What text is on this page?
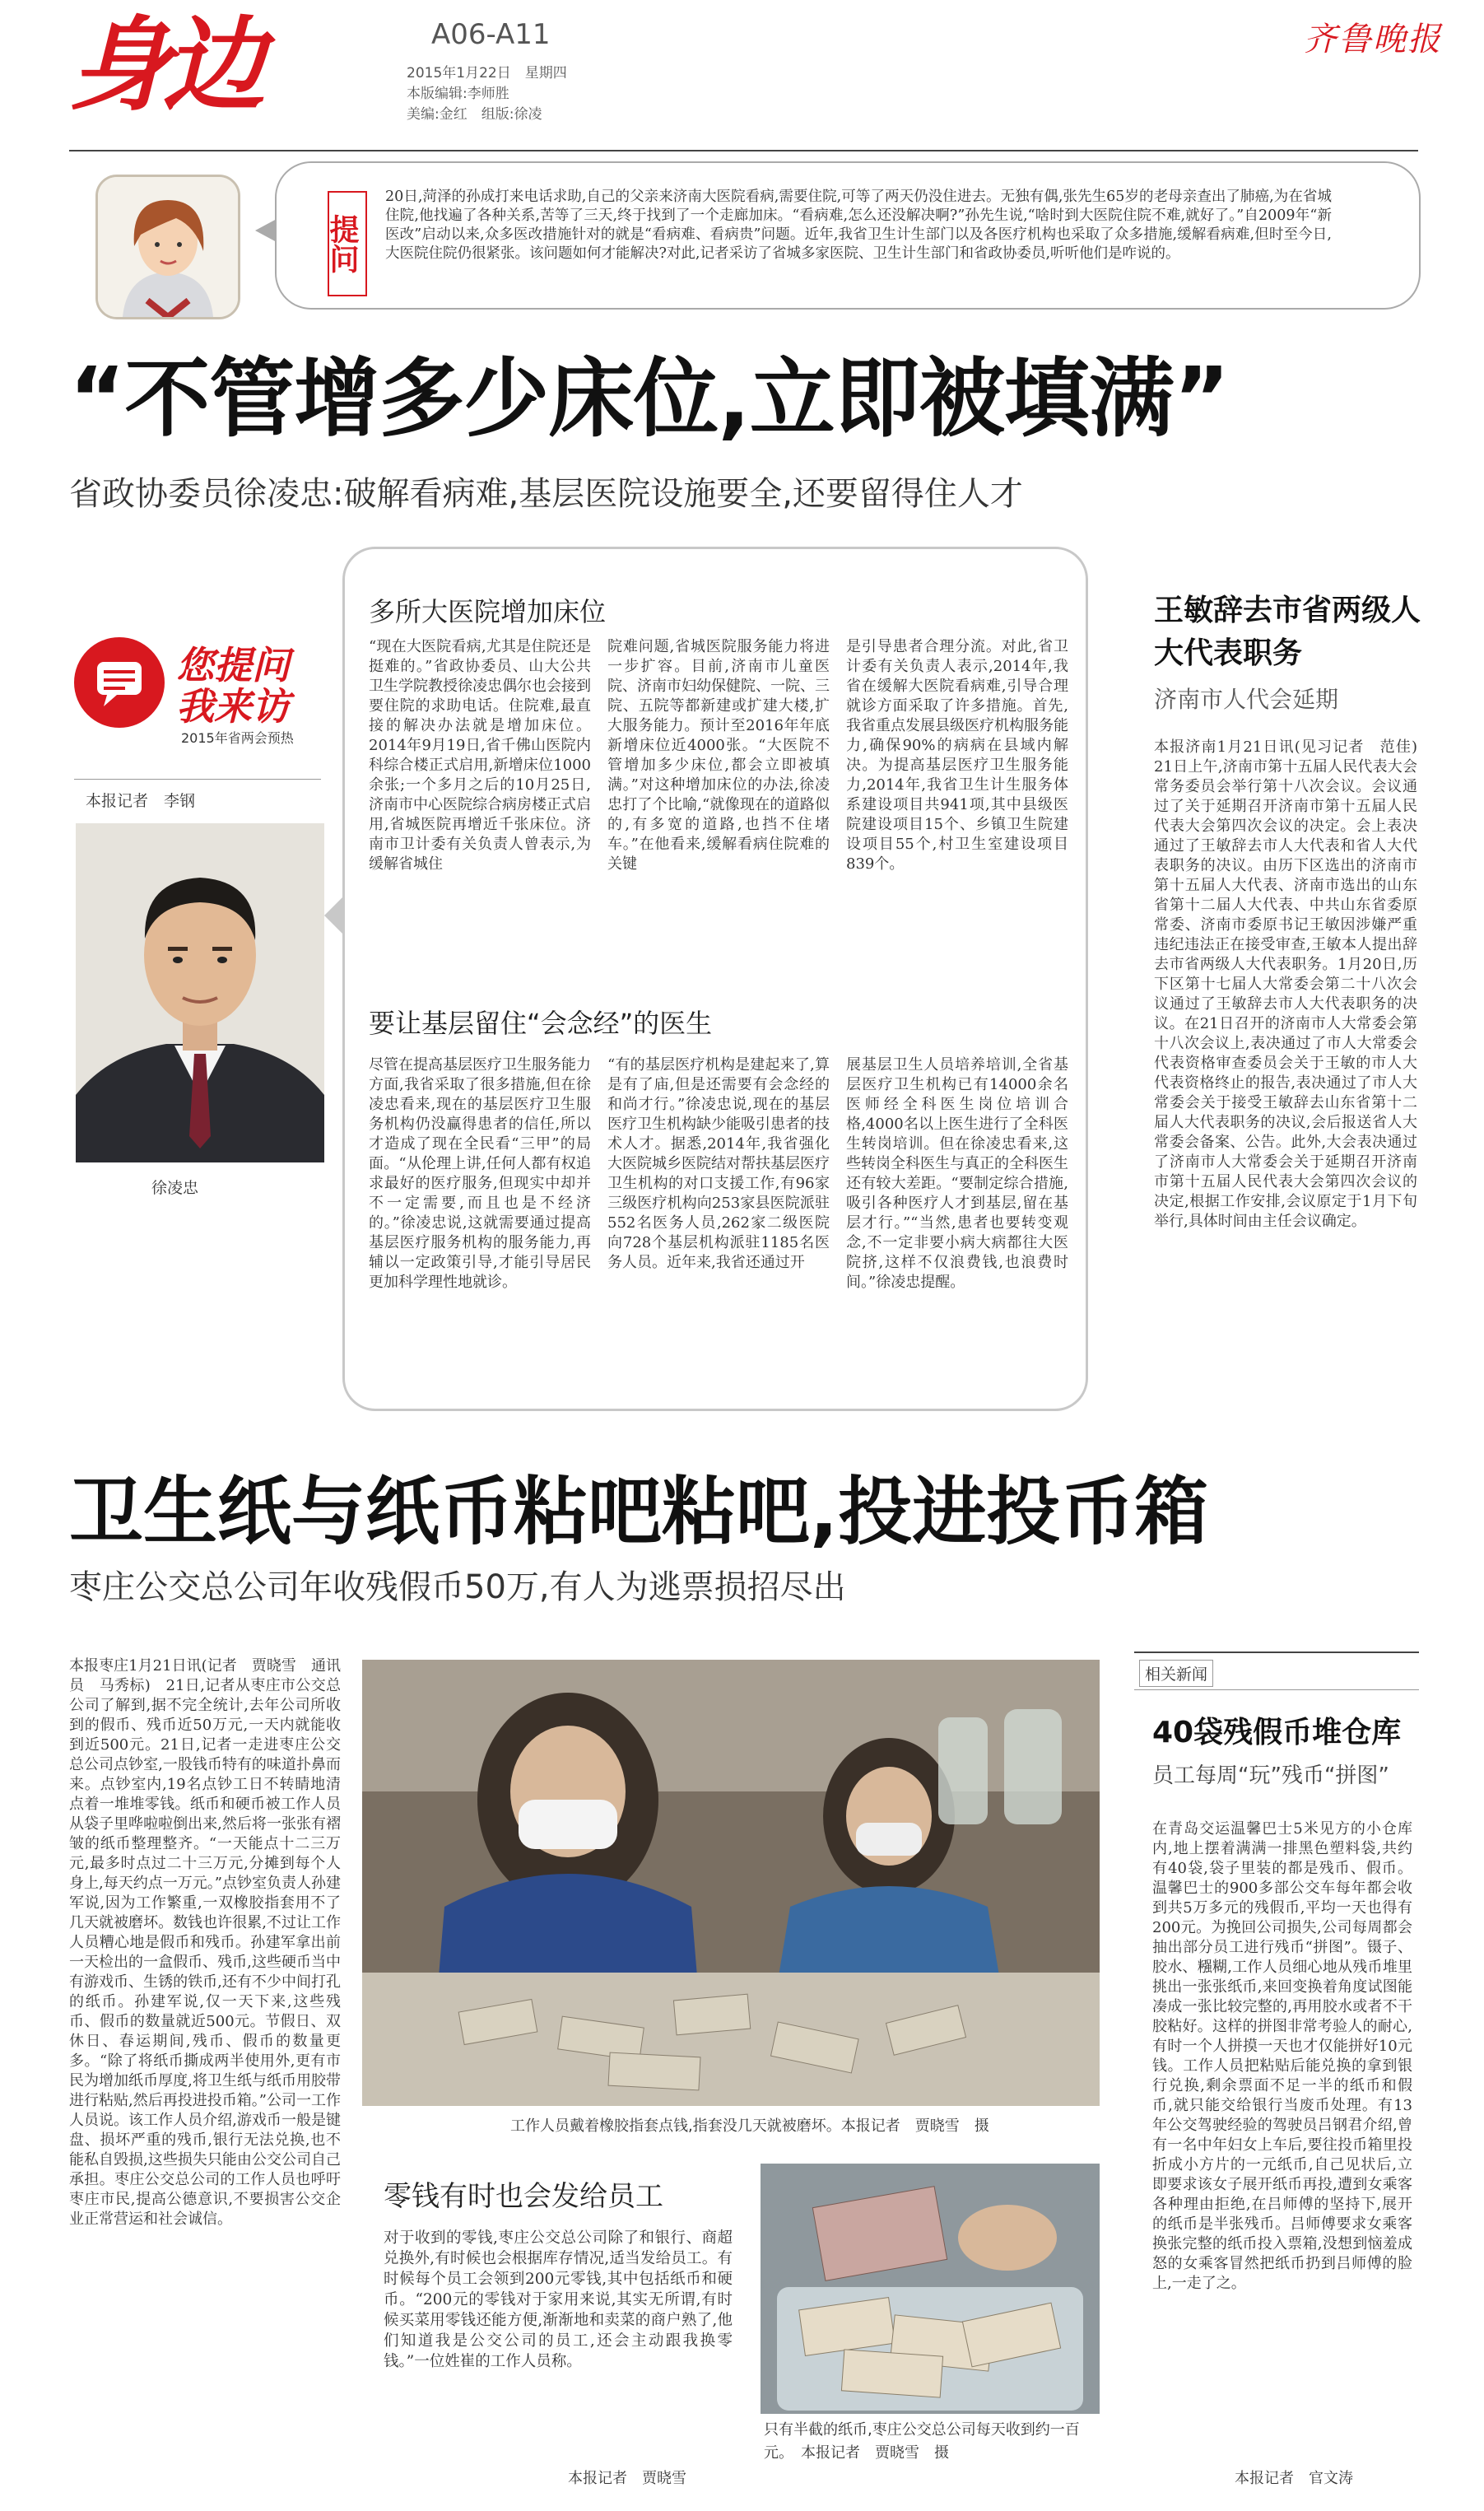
身边	A06-A11
2015年1月22日　星期四
本版编辑:李师胜
美编:金红　组版:徐凌
齐鲁晚报
提问
20日,菏泽的孙成打来电话求助,自己的父亲来济南大医院看病,需要住院,可等了两天仍没住进去。无独有偶,张先生65岁的老母亲查出了肺癌,为在省城住院,他找遍了各种关系,苦等了三天,终于找到了一个走廊加床。“看病难,怎么还没解决啊?”孙先生说,“啥时到大医院住院不难,就好了。”自2009年“新医改”启动以来,众多医改措施针对的就是“看病难、看病贵”问题。近年,我省卫生计生部门以及各医疗机构也采取了众多措施,缓解看病难,但时至今日,大医院住院仍很紧张。该问题如何才能解决?对此,记者采访了省城多家医院、卫生计生部门和省政协委员,听听他们是咋说的。
“不管增多少床位,立即被填满”
省政协委员徐凌忠:破解看病难,基层医院设施要全,还要留得住人才
您提问
我来访
2015年省两会预热
本报记者　李钢
徐凌忠
多所大医院增加床位
“现在大医院看病,尤其是住院还是挺难的。”省政协委员、山大公共卫生学院教授徐凌忠偶尔也会接到要住院的求助电话。住院难,最直接的解决办法就是增加床位。2014年9月19日,省千佛山医院内科综合楼正式启用,新增床位1000余张;一个多月之后的10月25日,济南市中心医院综合病房楼正式启用,省城医院再增近千张床位。济南市卫计委有关负责人曾表示,为缓解省城住
院难问题,省城医院服务能力将进一步扩容。目前,济南市儿童医院、济南市妇幼保健院、一院、三院、五院等都新建或扩建大楼,扩大服务能力。预计至2016年年底新增床位近4000张。“大医院不管增加多少床位,都会立即被填满。”对这种增加床位的办法,徐凌忠打了个比喻,“就像现在的道路似的,有多宽的道路,也挡不住堵车。”在他看来,缓解看病住院难的关键
是引导患者合理分流。对此,省卫计委有关负责人表示,2014年,我省在缓解大医院看病难,引导合理就诊方面采取了许多措施。首先,我省重点发展县级医疗机构服务能力,确保90%的病病在县域内解决。为提高基层医疗卫生服务能力,2014年,我省卫生计生服务体系建设项目共941项,其中县级医院建设项目15个、乡镇卫生院建设项目55个,村卫生室建设项目839个。
要让基层留住“会念经”的医生
尽管在提高基层医疗卫生服务能力方面,我省采取了很多措施,但在徐凌忠看来,现在的基层医疗卫生服务机构仍没赢得患者的信任,所以才造成了现在全民看“三甲”的局面。“从伦理上讲,任何人都有权追求最好的医疗服务,但现实中却并不一定需要,而且也是不经济的。”徐凌忠说,这就需要通过提高基层医疗服务机构的服务能力,再辅以一定政策引导,才能引导居民更加科学理性地就诊。
“有的基层医疗机构是建起来了,算是有了庙,但是还需要有会念经的和尚才行。”徐凌忠说,现在的基层医疗卫生机构缺少能吸引患者的技术人才。据悉,2014年,我省强化大医院城乡医院结对帮扶基层医疗卫生机构的对口支援工作,有96家三级医疗机构向253家县医院派驻552名医务人员,262家二级医院向728个基层机构派驻1185名医务人员。近年来,我省还通过开
展基层卫生人员培养培训,全省基层医疗卫生机构已有14000余名医师经全科医生岗位培训合格,4000名以上医生进行了全科医生转岗培训。但在徐凌忠看来,这些转岗全科医生与真正的全科医生还有较大差距。“要制定综合措施,吸引各种医疗人才到基层,留在基层才行。”“当然,患者也要转变观念,不一定非要小病大病都往大医院挤,这样不仅浪费钱,也浪费时间。”徐凌忠提醒。
王敏辞去市省两级人大代表职务
济南市人代会延期
本报济南1月21日讯(见习记者　范佳)　21日上午,济南市第十五届人民代表大会常务委员会举行第十八次会议。会议通过了关于延期召开济南市第十五届人民代表大会第四次会议的决定。会上表决通过了王敏辞去市人大代表和省人大代表职务的决议。由历下区选出的济南市第十五届人大代表、济南市选出的山东省第十二届人大代表、中共山东省委原常委、济南市委原书记王敏因涉嫌严重违纪违法正在接受审查,王敏本人提出辞去市省两级人大代表职务。1月20日,历下区第十七届人大常委会第二十八次会议通过了王敏辞去市人大代表职务的决议。在21日召开的济南市人大常委会第十八次会议上,表决通过了市人大常委会代表资格审查委员会关于王敏的市人大代表资格终止的报告,表决通过了市人大常委会关于接受王敏辞去山东省第十二届人大代表职务的决议,会后报送省人大常委会备案、公告。此外,大会表决通过了济南市人大常委会关于延期召开济南市第十五届人民代表大会第四次会议的决定,根据工作安排,会议原定于1月下旬举行,具体时间由主任会议确定。
卫生纸与纸币粘吧粘吧,投进投币箱
枣庄公交总公司年收残假币50万,有人为逃票损招尽出
本报枣庄1月21日讯(记者　贾晓雪　通讯员　马秀标)　21日,记者从枣庄市公交总公司了解到,据不完全统计,去年公司所收到的假币、残币近50万元,一天内就能收到近500元。21日,记者一走进枣庄公交总公司点钞室,一股钱币特有的味道扑鼻而来。点钞室内,19名点钞工日不转睛地清点着一堆堆零钱。纸币和硬币被工作人员从袋子里哗啦啦倒出来,然后将一张张有褶皱的纸币整理整齐。“一天能点十二三万元,最多时点过二十三万元,分摊到每个人身上,每天约点一万元。”点钞室负责人孙建军说,因为工作繁重,一双橡胶指套用不了几天就被磨坏。数钱也许很累,不过让工作人员糟心地是假币和残币。孙建军拿出前一天检出的一盒假币、残币,这些硬币当中有游戏币、生锈的铁币,还有不少中间打孔的纸币。孙建军说,仅一天下来,这些残币、假币的数量就近500元。节假日、双休日、春运期间,残币、假币的数量更多。“除了将纸币撕成两半使用外,更有市民为增加纸币厚度,将卫生纸与纸币用胶带进行粘贴,然后再投进投币箱。”公司一工作人员说。该工作人员介绍,游戏币一般是键盘、损坏严重的残币,银行无法兑换,也不能私自毁损,这些损失只能由公交公司自己承担。枣庄公交总公司的工作人员也呼吁枣庄市民,提高公德意识,不要损害公交企业正常营运和社会诚信。
工作人员戴着橡胶指套点钱,指套没几天就被磨坏。本报记者　贾晓雪　摄
零钱有时也会发给员工
对于收到的零钱,枣庄公交总公司除了和银行、商超兑换外,有时候也会根据库存情况,适当发给员工。有时候每个员工会领到200元零钱,其中包括纸币和硬币。“200元的零钱对于家用来说,其实无所谓,有时候买菜用零钱还能方便,渐渐地和卖菜的商户熟了,他们知道我是公交公司的员工,还会主动跟我换零钱。”一位姓崔的工作人员称。
本报记者　贾晓雪
只有半截的纸币,枣庄公交总公司每天收到约一百元。　本报记者　贾晓雪　摄
相关新闻
40袋残假币堆仓库
员工每周“玩”残币“拼图”
在青岛交运温馨巴士5米见方的小仓库内,地上摆着满满一排黑色塑料袋,共约有40袋,袋子里装的都是残币、假币。温馨巴士的900多部公交车每年都会收到共5万多元的残假币,平均一天也得有200元。为挽回公司损失,公司每周都会抽出部分员工进行残币“拼图”。镊子、胶水、糨糊,工作人员细心地从残币堆里挑出一张张纸币,来回变换着角度试图能凑成一张比较完整的,再用胶水或者不干胶粘好。这样的拼图非常考验人的耐心,有时一个人拼摸一天也才仅能拼好10元钱。工作人员把粘贴后能兑换的拿到银行兑换,剩余票面不足一半的纸币和假币,就只能交给银行当废币处理。有13年公交驾驶经验的驾驶员吕钢君介绍,曾有一名中年妇女上车后,要往投币箱里投折成小方片的一元纸币,自己见状后,立即要求该女子展开纸币再投,遭到女乘客各种理由拒绝,在吕师傅的坚持下,展开的纸币是半张残币。吕师傅要求女乘客换张完整的纸币投入票箱,没想到恼羞成怒的女乘客冒然把纸币扔到吕师傅的脸上,一走了之。
本报记者　官文涛
